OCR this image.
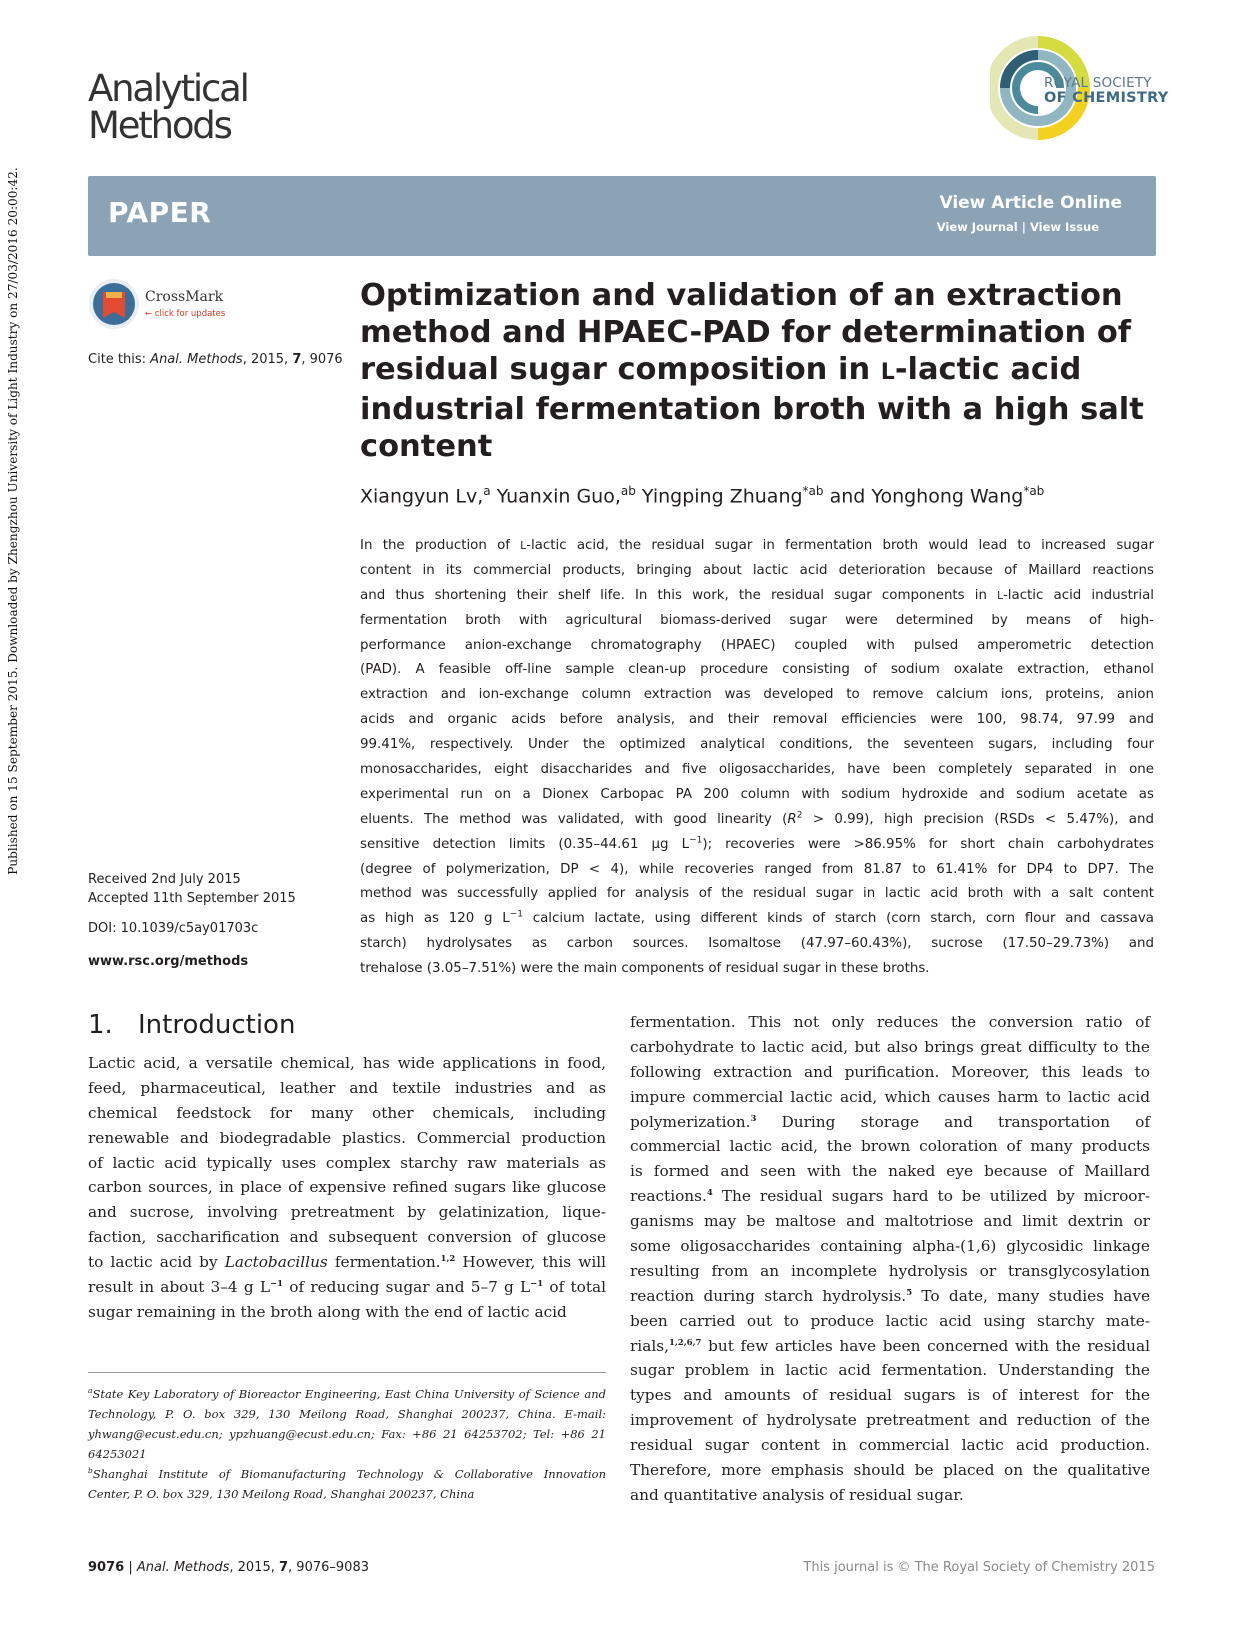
Published on 15 September 2015. Downloaded by Zhengzhou University of Light Industry on 27/03/2016 20:00:42.
Analytical
Methods
ROYAL SOCIETY
OF CHEMISTRY
PAPER	View Article Online
View Journal | View Issue
CrossMark
← click for updates
Cite this: Anal. Methods, 2015, 7, 9076
Optimization and validation of an extraction
method and HPAEC-PAD for determination of
residual sugar composition in L-lactic acid
industrial fermentation broth with a high salt
content
Xiangyun Lv,$^a$ Yuanxin Guo,$^{ab}$ Yingping Zhuang$^{*ab}$ and Yonghong Wang$^{*ab}$
In the production of L-lactic acid, the residual sugar in fermentation broth would lead to increased sugar
content in its commercial products, bringing about lactic acid deterioration because of Maillard reactions
and thus shortening their shelf life. In this work, the residual sugar components in L-lactic acid industrial
fermentation broth with agricultural biomass-derived sugar were determined by means of high-
performance anion-exchange chromatography (HPAEC) coupled with pulsed amperometric detection
(PAD). A feasible off-line sample clean-up procedure consisting of sodium oxalate extraction, ethanol
extraction and ion-exchange column extraction was developed to remove calcium ions, proteins, anion
acids and organic acids before analysis, and their removal efficiencies were 100, 98.74, 97.99 and
99.41%, respectively. Under the optimized analytical conditions, the seventeen sugars, including four
monosaccharides, eight disaccharides and five oligosaccharides, have been completely separated in one
experimental run on a Dionex Carbopac PA 200 column with sodium hydroxide and sodium acetate as
eluents. The method was validated, with good linearity $(R^2 > 0.99)$, high precision (RSDs < 5.47%), and
sensitive detection limits (0.35–44.61 μg $L^{-1}$); recoveries were >86.95% for short chain carbohydrates
(degree of polymerization, DP < 4), while recoveries ranged from 81.87 to 61.41% for DP4 to DP7. The
method was successfully applied for analysis of the residual sugar in lactic acid broth with a salt content
as high as 120 g $L^{-1}$ calcium lactate, using different kinds of starch (corn starch, corn flour and cassava
starch) hydrolysates as carbon sources. Isomaltose (47.97–60.43%), sucrose (17.50–29.73%) and
trehalose (3.05–7.51%) were the main components of residual sugar in these broths.
Received 2nd July 2015
Accepted 11th September 2015
DOI: 10.1039/c5ay01703c
www.rsc.org/methods
1. Introduction
Lactic acid, a versatile chemical, has wide applications in food,
feed, pharmaceutical, leather and textile industries and as
chemical feedstock for many other chemicals, including
renewable and biodegradable plastics. Commercial production
of lactic acid typically uses complex starchy raw materials as
carbon sources, in place of expensive refined sugars like glucose
and sucrose, involving pretreatment by gelatinization, lique-
faction, saccharification and subsequent conversion of glucose
to lactic acid by Lactobacillus fermentation.$^{1,2}$ However, this will
result in about 3–4 g $L^{-1}$ of reducing sugar and 5–7 g $L^{-1}$ of total
sugar remaining in the broth along with the end of lactic acid
fermentation. This not only reduces the conversion ratio of
carbohydrate to lactic acid, but also brings great difficulty to the
following extraction and purification. Moreover, this leads to
impure commercial lactic acid, which causes harm to lactic acid
polymerization.$^3$ During storage and transportation of
commercial lactic acid, the brown coloration of many products
is formed and seen with the naked eye because of Maillard
reactions.$^4$ The residual sugars hard to be utilized by microor-
ganisms may be maltose and maltotriose and limit dextrin or
some oligosaccharides containing alpha-(1,6) glycosidic linkage
resulting from an incomplete hydrolysis or transglycosylation
reaction during starch hydrolysis.$^5$ To date, many studies have
been carried out to produce lactic acid using starchy mate-
rials,$^{1,2,6,7}$ but few articles have been concerned with the residual
sugar problem in lactic acid fermentation. Understanding the
types and amounts of residual sugars is of interest for the
improvement of hydrolysate pretreatment and reduction of the
residual sugar content in commercial lactic acid production.
Therefore, more emphasis should be placed on the qualitative
and quantitative analysis of residual sugar.
$^a$State Key Laboratory of Bioreactor Engineering, East China University of Science and
Technology, P. O. box 329, 130 Meilong Road, Shanghai 200237, China. E-mail:
yhwang@ecust.edu.cn; ypzhuang@ecust.edu.cn; Fax: +86 21 64253702; Tel: +86 21
64253021
$^b$Shanghai Institute of Biomanufacturing Technology & Collaborative Innovation
Center, P. O. box 329, 130 Meilong Road, Shanghai 200237, China
9076 | Anal. Methods, 2015, 7, 9076–9083	This journal is © The Royal Society of Chemistry 2015
